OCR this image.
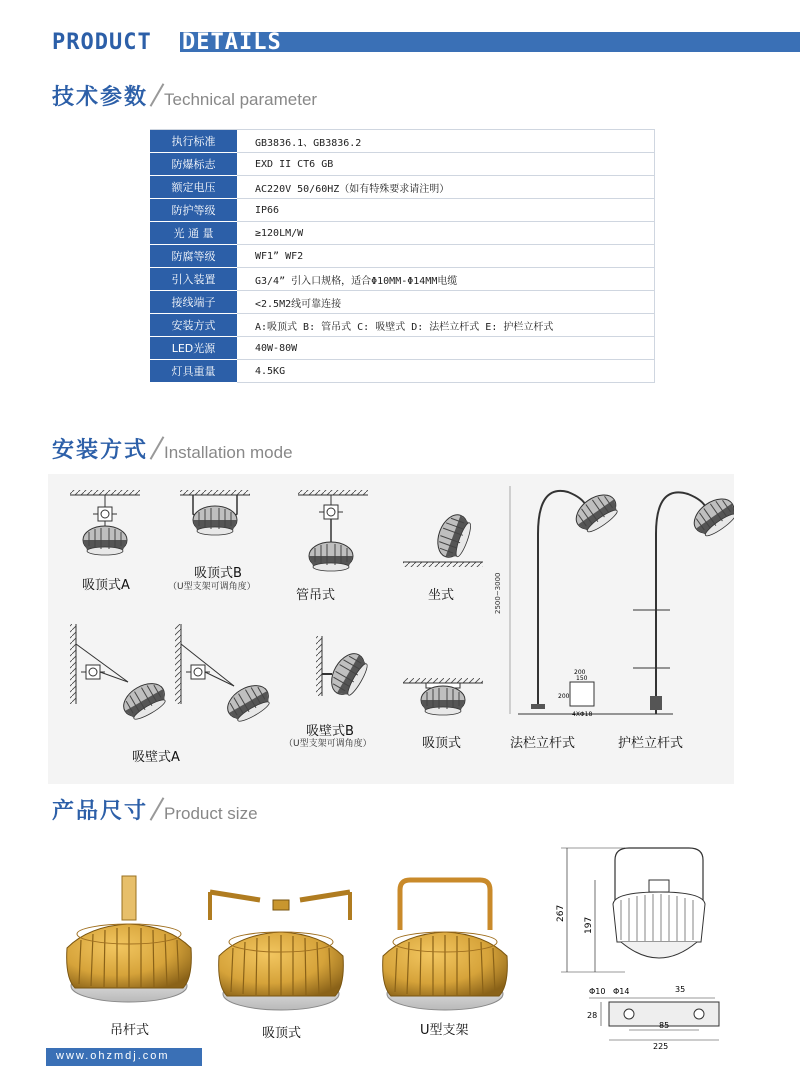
PRODUCT DETAILS
技术参数 Technical parameter
执行标准	GB3836.1、GB3836.2
防爆标志	EXD II CT6 GB
额定电压	AC220V 50/60HZ（如有特殊要求请注明）
防护等级	IP66
光 通 量	≥120LM/W
防腐等级	WF1” WF2
引入装置	G3/4” 引入口规格，适合Φ10MM-Φ14MM电缆
接线端子	<2.5M2线可靠连接
安装方式	A:吸顶式 B: 管吊式 C: 吸壁式 D: 法栏立杆式 E: 护栏立杆式
LED光源	40W-80W
灯具重量	4.5KG
安装方式 Installation mode
2500~3000
200
150
200
4XΦ18
吸顶式A
吸顶式B
（U型支架可调角度）
管吊式	坐式
吸壁式A
吸壁式B
（U型支架可调角度）	吸顶式	法栏立杆式	护栏立杆式
产品尺寸 Product size
吊杆式	吸顶式	U型支架
267
197
Φ10 Φ14	35
28
85
225
www.ohzmdj.com
